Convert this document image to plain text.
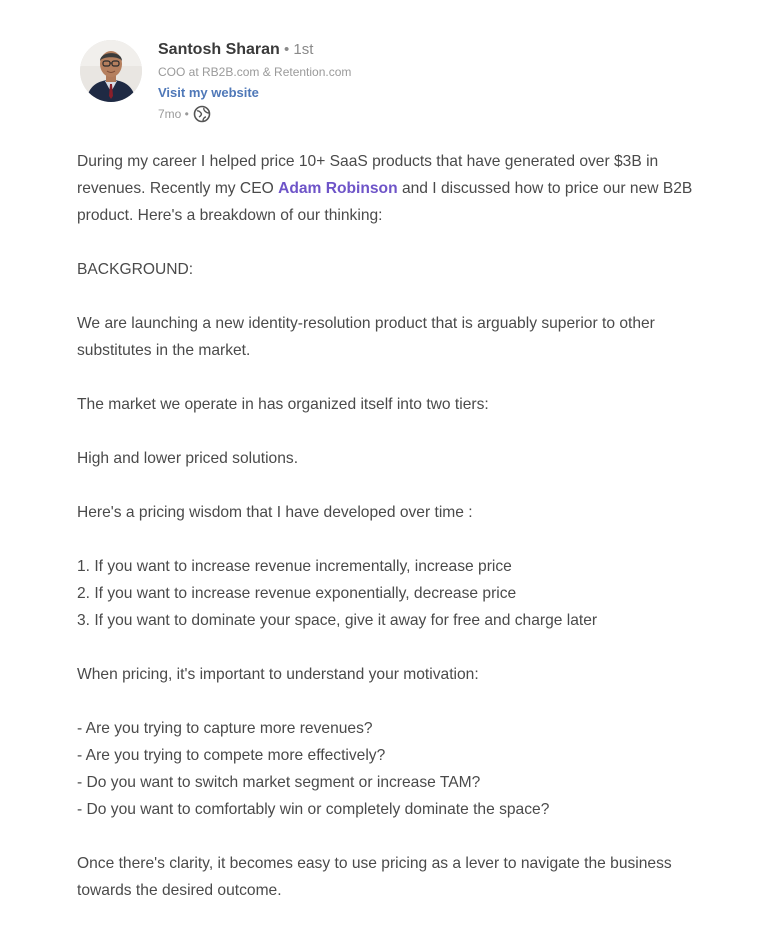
Santosh Sharan • 1st
COO at RB2B.com & Retention.com
Visit my website
7mo •

During my career I helped price 10+ SaaS products that have generated over $3B in revenues. Recently my CEO Adam Robinson and I discussed how to price our new B2B product. Here's a breakdown of our thinking:

BACKGROUND:

We are launching a new identity-resolution product that is arguably superior to other substitutes in the market.

The market we operate in has organized itself into two tiers:

High and lower priced solutions.

Here's a pricing wisdom that I have developed over time :

1. If you want to increase revenue incrementally, increase price

2. If you want to increase revenue exponentially, decrease price

3. If you want to dominate your space, give it away for free and charge later

When pricing, it's important to understand your motivation:

- Are you trying to capture more revenues?

- Are you trying to compete more effectively?

- Do you want to switch market segment or increase TAM?

- Do you want to comfortably win or completely dominate the space?

Once there's clarity, it becomes easy to use pricing as a lever to navigate the business towards the desired outcome.
